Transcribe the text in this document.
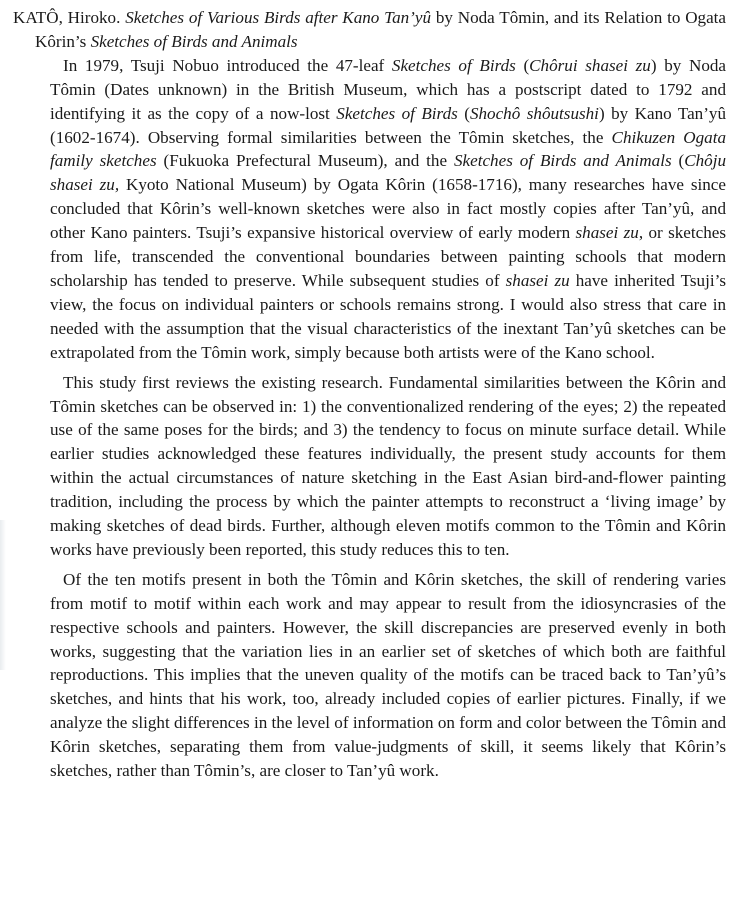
KATÔ, Hiroko. Sketches of Various Birds after Kano Tan’yû by Noda Tômin, and its Relation to Ogata Kôrin’s Sketches of Birds and Animals

In 1979, Tsuji Nobuo introduced the 47-leaf Sketches of Birds (Chôrui shasei zu) by Noda Tômin (Dates unknown) in the British Museum, which has a postscript dated to 1792 and identifying it as the copy of a now-lost Sketches of Birds (Shochô shôutsushi) by Kano Tan’yû (1602-1674). Observing formal similarities between the Tômin sketches, the Chikuzen Ogata family sketches (Fukuoka Prefectural Museum), and the Sketches of Birds and Animals (Chôju shasei zu, Kyoto National Museum) by Ogata Kôrin (1658-1716), many researches have since concluded that Kôrin’s well-known sketches were also in fact mostly copies after Tan’yû, and other Kano painters. Tsuji’s expansive historical overview of early modern shasei zu, or sketches from life, transcended the conventional boundaries between painting schools that modern scholarship has tended to preserve. While subsequent studies of shasei zu have inherited Tsuji’s view, the focus on individual painters or schools remains strong. I would also stress that care in needed with the assumption that the visual characteristics of the inextant Tan’yû sketches can be extrapolated from the Tômin work, simply because both artists were of the Kano school.

This study first reviews the existing research. Fundamental similarities between the Kôrin and Tômin sketches can be observed in: 1) the conventionalized rendering of the eyes; 2) the repeated use of the same poses for the birds; and 3) the tendency to focus on minute surface detail. While earlier studies acknowledged these features individually, the present study accounts for them within the actual circumstances of nature sketching in the East Asian bird-and-flower painting tradition, including the process by which the painter attempts to reconstruct a ‘living image’ by making sketches of dead birds. Further, although eleven motifs common to the Tômin and Kôrin works have previously been reported, this study reduces this to ten.

Of the ten motifs present in both the Tômin and Kôrin sketches, the skill of rendering varies from motif to motif within each work and may appear to result from the idiosyncrasies of the respective schools and painters. However, the skill discrepancies are preserved evenly in both works, suggesting that the variation lies in an earlier set of sketches of which both are faithful reproductions. This implies that the uneven quality of the motifs can be traced back to Tan’yû’s sketches, and hints that his work, too, already included copies of earlier pictures. Finally, if we analyze the slight differences in the level of information on form and color between the Tômin and Kôrin sketches, separating them from value-judgments of skill, it seems likely that Kôrin’s sketches, rather than Tômin’s, are closer to Tan’yû work.
